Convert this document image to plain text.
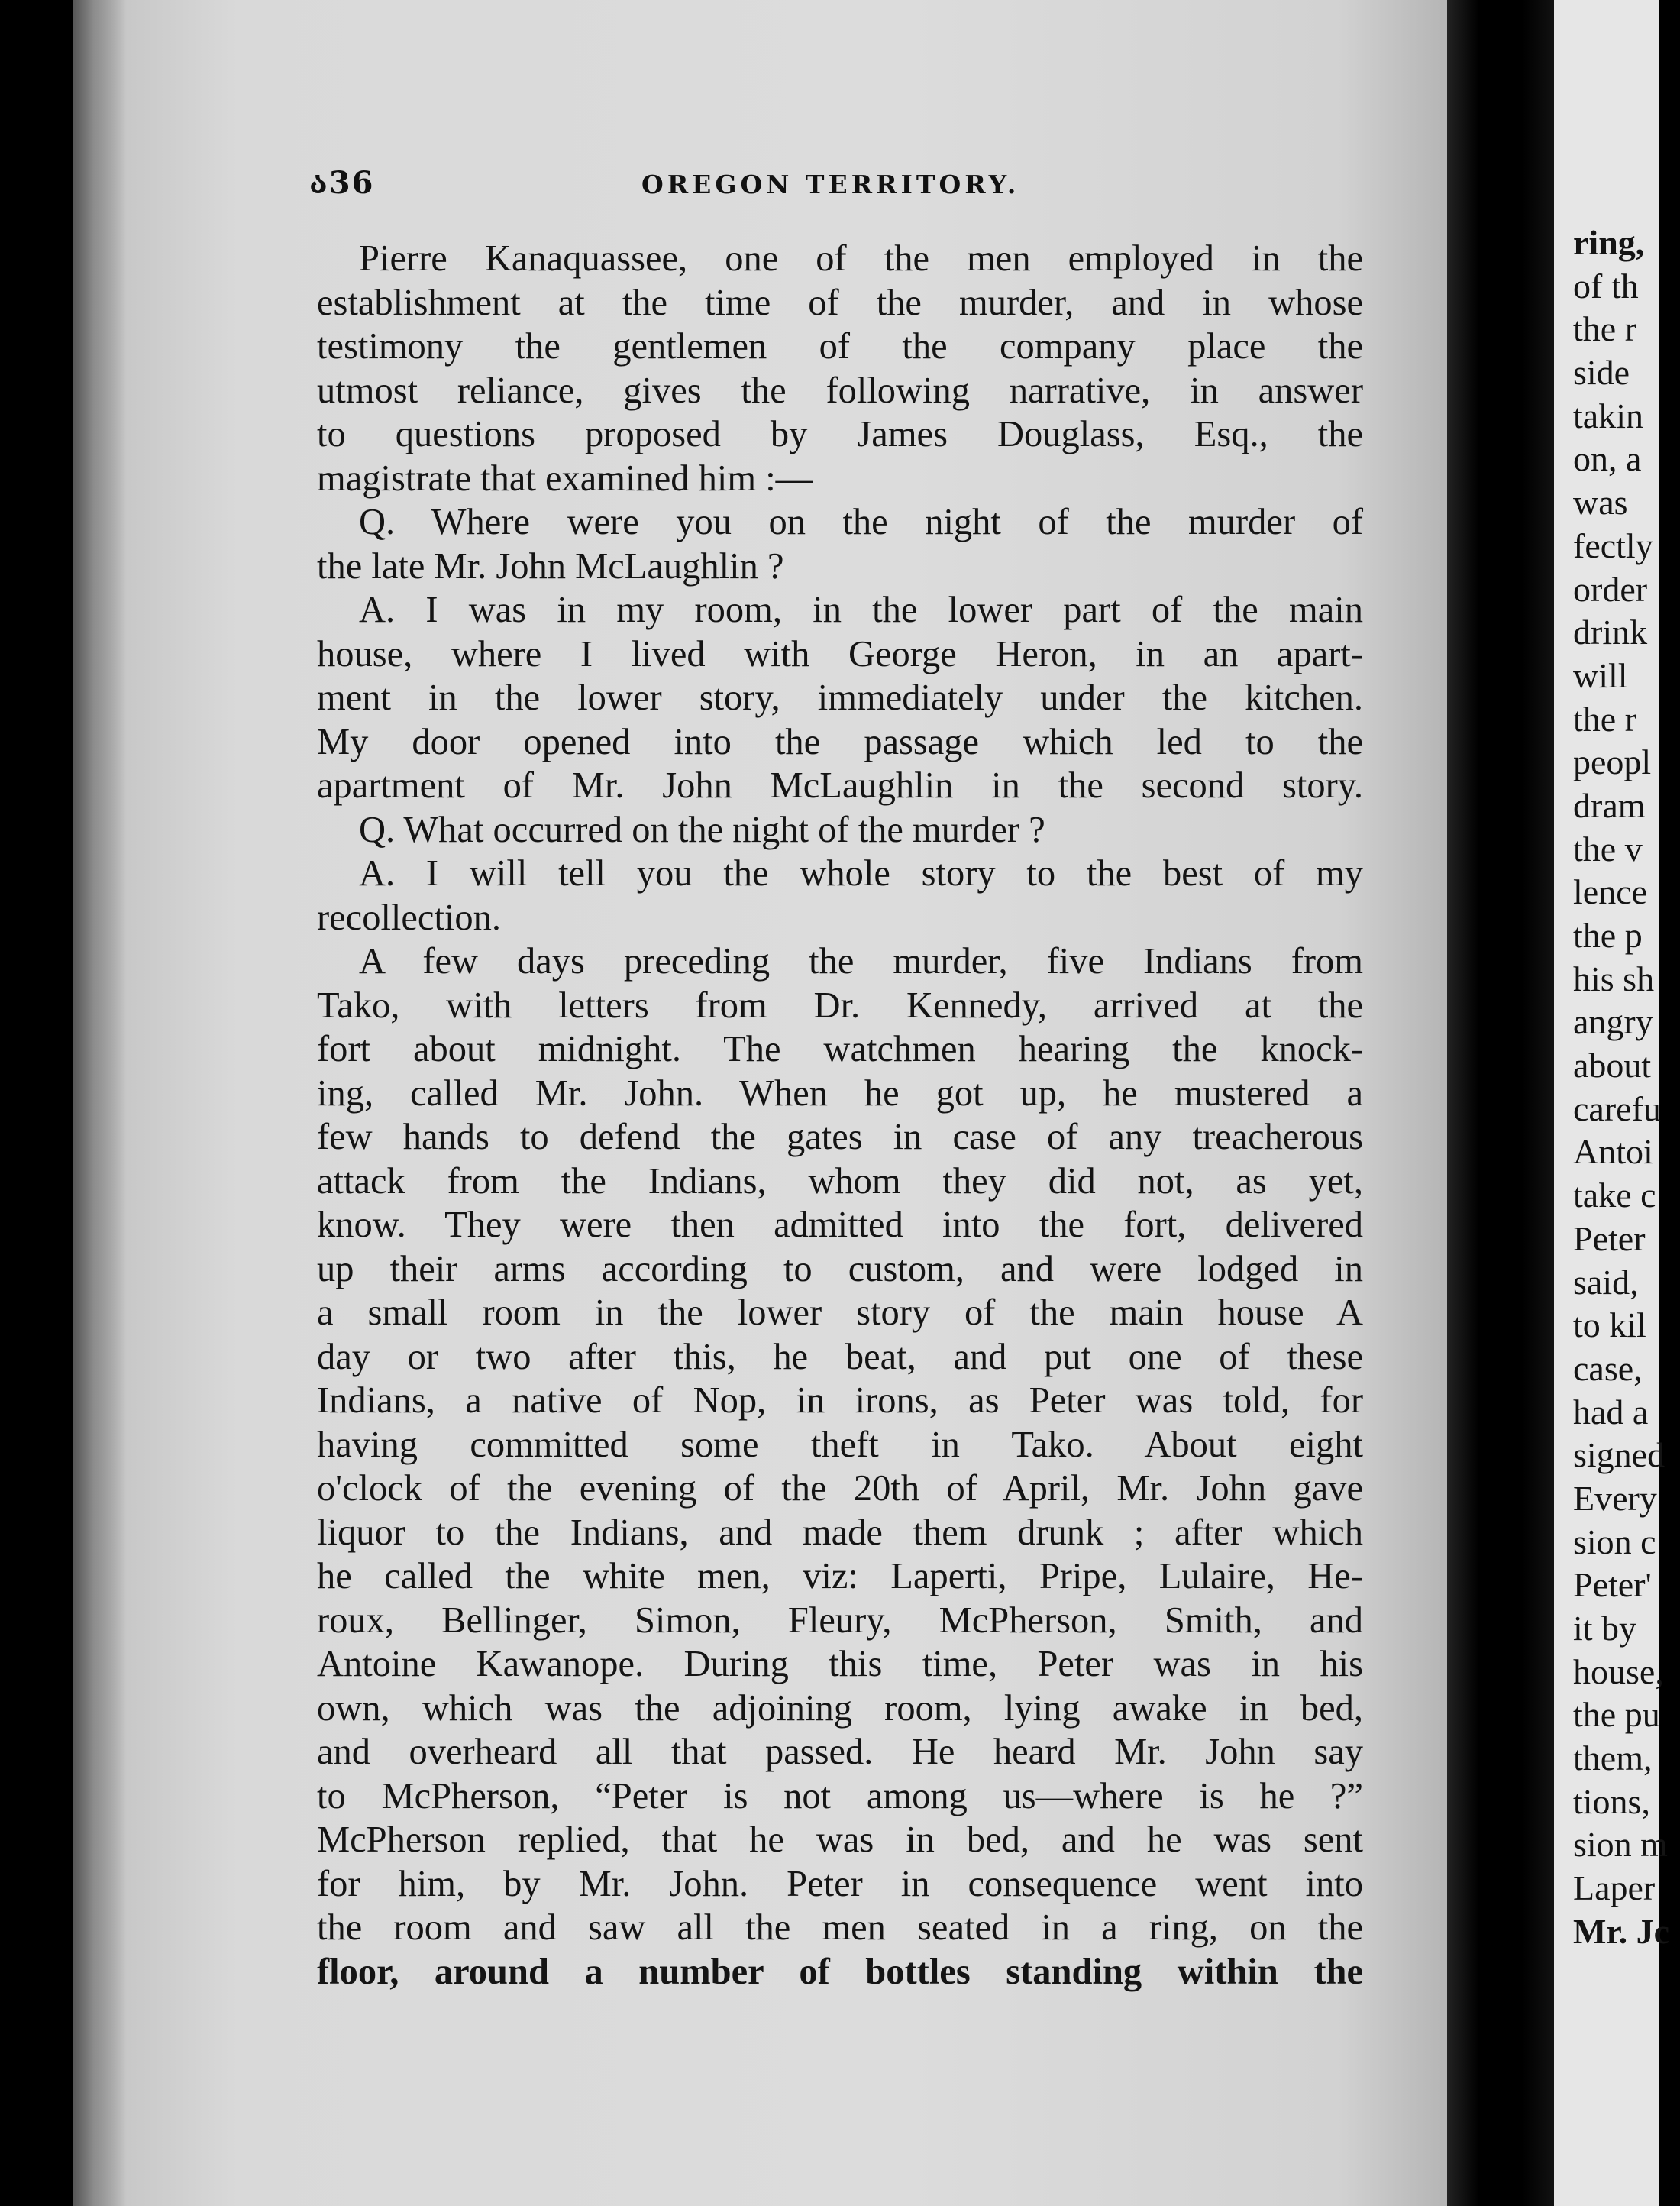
ა36	OREGON TERRITORY.
Pierre Kanaquassee, one of the men employed in the
establishment at the time of the murder, and in whose
testimony the gentlemen of the company place the
utmost reliance, gives the following narrative, in answer
to questions proposed by James Douglass, Esq., the
magistrate that examined him :—
Q. Where were you on the night of the murder of
the late Mr. John McLaughlin ?
A. I was in my room, in the lower part of the main
house, where I lived with George Heron, in an apart-
ment in the lower story, immediately under the kitchen.
My door opened into the passage which led to the
apartment of Mr. John McLaughlin in the second story.
Q. What occurred on the night of the murder ?
A. I will tell you the whole story to the best of my
recollection.
A few days preceding the murder, five Indians from
Tako, with letters from Dr. Kennedy, arrived at the
fort about midnight. The watchmen hearing the knock-
ing, called Mr. John. When he got up, he mustered a
few hands to defend the gates in case of any treacherous
attack from the Indians, whom they did not, as yet,
know. They were then admitted into the fort, delivered
up their arms according to custom, and were lodged in
a small room in the lower story of the main house A
day or two after this, he beat, and put one of these
Indians, a native of Nop, in irons, as Peter was told, for
having committed some theft in Tako. About eight
o'clock of the evening of the 20th of April, Mr. John gave
liquor to the Indians, and made them drunk ; after which
he called the white men, viz: Laperti, Pripe, Lulaire, He-
roux, Bellinger, Simon, Fleury, McPherson, Smith, and
Antoine Kawanope. During this time, Peter was in his
own, which was the adjoining room, lying awake in bed,
and overheard all that passed. He heard Mr. John say
to McPherson, “Peter is not among us—where is he ?”
McPherson replied, that he was in bed, and he was sent
for him, by Mr. John. Peter in consequence went into
the room and saw all the men seated in a ring, on the
floor, around a number of bottles standing within the
ring,
of th
the r
side
takin
on, a
was
fectly
order
drink
will
the r
peopl
dram
the v
lence
the p
his sh
angry
about
carefu
Antoi
take c
Peter
said,
to kil
case,
had a
signed
Every
sion c
Peter'
it by
house,
the pu
them,
tions,
sion m
Laper
Mr. Jc
